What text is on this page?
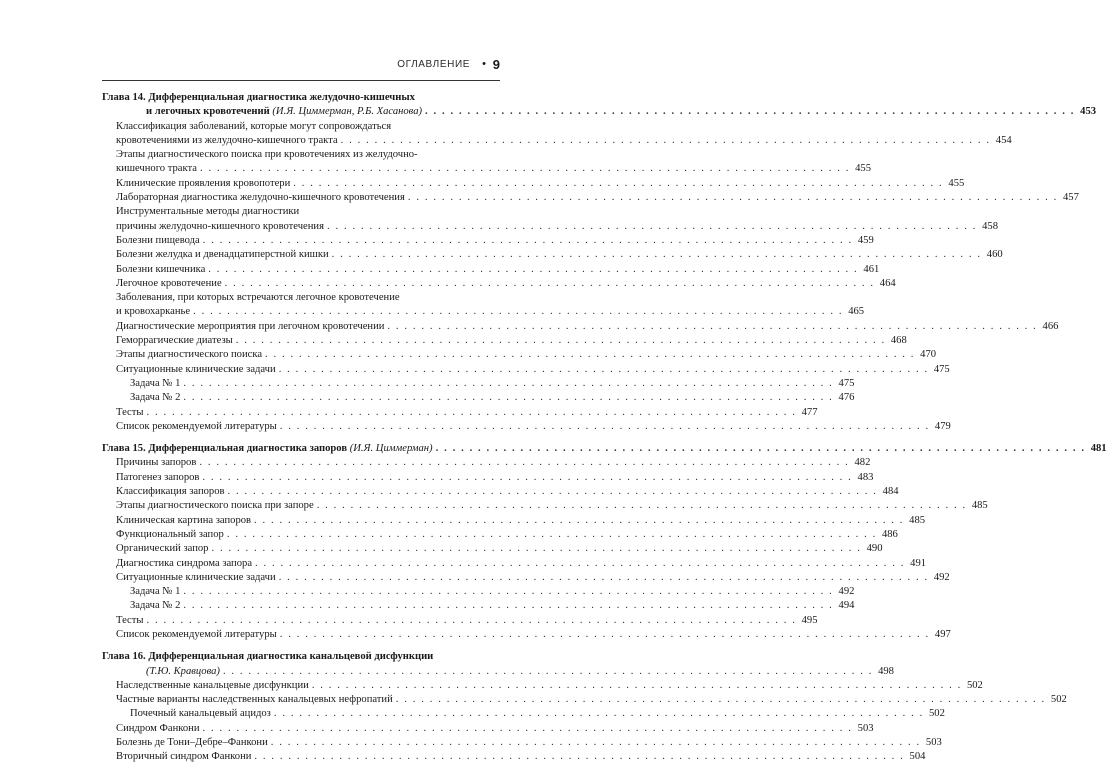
ОГЛАВЛЕНИЕ • 9
Глава 14. Дифференциальная диагностика желудочно-кишечных
и легочных кровотечений (И.Я. Циммерман, Р.Б. Хасанова) . . . . . . . . . . . . . . . . . . . . . . . . . . . . . . . . . . . . . . . . . . . . . . . . . . . . . . . . . . . . . . . . . . . . . . . . . . . . . 453
Классификация заболеваний, которые могут сопровождаться
кровотечениями из желудочно-кишечного тракта . . . . . . . . . . . . . . . . . . . . . . . . . . . . . . . . . . . . . . . . . . . . . . . . . . . . . . . . . . . . . . . . . . . . . . . . . . . . . 454
Этапы диагностического поиска при кровотечениях из желудочно-
кишечного тракта . . . . . . . . . . . . . . . . . . . . . . . . . . . . . . . . . . . . . . . . . . . . . . . . . . . . . . . . . . . . . . . . . . . . . . . . . . . . . 455
Клинические проявления кровопотери . . . . . . . . . . . . . . . . . . . . . . . . . . . . . . . . . . . . . . . . . . . . . . . . . . . . . . . . . . . . . . . . . . . . . . . . . . . . . 455
Лабораторная диагностика желудочно-кишечного кровотечения . . . . . . . . . . . . . . . . . . . . . . . . . . . . . . . . . . . . . . . . . . . . . . . . . . . . . . . . . . . . . . . . . . . . . . . . . . . . . 457
Инструментальные методы диагностики
причины желудочно-кишечного кровотечения . . . . . . . . . . . . . . . . . . . . . . . . . . . . . . . . . . . . . . . . . . . . . . . . . . . . . . . . . . . . . . . . . . . . . . . . . . . . . 458
Болезни пищевода . . . . . . . . . . . . . . . . . . . . . . . . . . . . . . . . . . . . . . . . . . . . . . . . . . . . . . . . . . . . . . . . . . . . . . . . . . . . . 459
Болезни желудка и двенадцатиперстной кишки . . . . . . . . . . . . . . . . . . . . . . . . . . . . . . . . . . . . . . . . . . . . . . . . . . . . . . . . . . . . . . . . . . . . . . . . . . . . . 460
Болезни кишечника . . . . . . . . . . . . . . . . . . . . . . . . . . . . . . . . . . . . . . . . . . . . . . . . . . . . . . . . . . . . . . . . . . . . . . . . . . . . . 461
Легочное кровотечение . . . . . . . . . . . . . . . . . . . . . . . . . . . . . . . . . . . . . . . . . . . . . . . . . . . . . . . . . . . . . . . . . . . . . . . . . . . . . 464
Заболевания, при которых встречаются легочное кровотечение
и кровохарканье . . . . . . . . . . . . . . . . . . . . . . . . . . . . . . . . . . . . . . . . . . . . . . . . . . . . . . . . . . . . . . . . . . . . . . . . . . . . . 465
Диагностические мероприятия при легочном кровотечении . . . . . . . . . . . . . . . . . . . . . . . . . . . . . . . . . . . . . . . . . . . . . . . . . . . . . . . . . . . . . . . . . . . . . . . . . . . . . 466
Геморрагические диатезы . . . . . . . . . . . . . . . . . . . . . . . . . . . . . . . . . . . . . . . . . . . . . . . . . . . . . . . . . . . . . . . . . . . . . . . . . . . . . 468
Этапы диагностического поиска . . . . . . . . . . . . . . . . . . . . . . . . . . . . . . . . . . . . . . . . . . . . . . . . . . . . . . . . . . . . . . . . . . . . . . . . . . . . . 470
Ситуационные клинические задачи . . . . . . . . . . . . . . . . . . . . . . . . . . . . . . . . . . . . . . . . . . . . . . . . . . . . . . . . . . . . . . . . . . . . . . . . . . . . . 475
Задача № 1 . . . . . . . . . . . . . . . . . . . . . . . . . . . . . . . . . . . . . . . . . . . . . . . . . . . . . . . . . . . . . . . . . . . . . . . . . . . . . 475
Задача № 2 . . . . . . . . . . . . . . . . . . . . . . . . . . . . . . . . . . . . . . . . . . . . . . . . . . . . . . . . . . . . . . . . . . . . . . . . . . . . . 476
Тесты . . . . . . . . . . . . . . . . . . . . . . . . . . . . . . . . . . . . . . . . . . . . . . . . . . . . . . . . . . . . . . . . . . . . . . . . . . . . . 477
Список рекомендуемой литературы . . . . . . . . . . . . . . . . . . . . . . . . . . . . . . . . . . . . . . . . . . . . . . . . . . . . . . . . . . . . . . . . . . . . . . . . . . . . . 479
Глава 15. Дифференциальная диагностика запоров (И.Я. Циммерман) . . . . . . . . . . . . . . . . . . . . . . . . . . . . . . . . . . . . . . . . . . . . . . . . . . . . . . . . . . . . . . . . . . . . . . . . . . . . . 481
Причины запоров . . . . . . . . . . . . . . . . . . . . . . . . . . . . . . . . . . . . . . . . . . . . . . . . . . . . . . . . . . . . . . . . . . . . . . . . . . . . . 482
Патогенез запоров . . . . . . . . . . . . . . . . . . . . . . . . . . . . . . . . . . . . . . . . . . . . . . . . . . . . . . . . . . . . . . . . . . . . . . . . . . . . . 483
Классификация запоров . . . . . . . . . . . . . . . . . . . . . . . . . . . . . . . . . . . . . . . . . . . . . . . . . . . . . . . . . . . . . . . . . . . . . . . . . . . . . 484
Этапы диагностического поиска при запоре . . . . . . . . . . . . . . . . . . . . . . . . . . . . . . . . . . . . . . . . . . . . . . . . . . . . . . . . . . . . . . . . . . . . . . . . . . . . . 485
Клиническая картина запоров . . . . . . . . . . . . . . . . . . . . . . . . . . . . . . . . . . . . . . . . . . . . . . . . . . . . . . . . . . . . . . . . . . . . . . . . . . . . . 485
Функциональный запор . . . . . . . . . . . . . . . . . . . . . . . . . . . . . . . . . . . . . . . . . . . . . . . . . . . . . . . . . . . . . . . . . . . . . . . . . . . . . 486
Органический запор . . . . . . . . . . . . . . . . . . . . . . . . . . . . . . . . . . . . . . . . . . . . . . . . . . . . . . . . . . . . . . . . . . . . . . . . . . . . . 490
Диагностика синдрома запора . . . . . . . . . . . . . . . . . . . . . . . . . . . . . . . . . . . . . . . . . . . . . . . . . . . . . . . . . . . . . . . . . . . . . . . . . . . . . 491
Ситуационные клинические задачи . . . . . . . . . . . . . . . . . . . . . . . . . . . . . . . . . . . . . . . . . . . . . . . . . . . . . . . . . . . . . . . . . . . . . . . . . . . . . 492
Задача № 1 . . . . . . . . . . . . . . . . . . . . . . . . . . . . . . . . . . . . . . . . . . . . . . . . . . . . . . . . . . . . . . . . . . . . . . . . . . . . . 492
Задача № 2 . . . . . . . . . . . . . . . . . . . . . . . . . . . . . . . . . . . . . . . . . . . . . . . . . . . . . . . . . . . . . . . . . . . . . . . . . . . . . 494
Тесты . . . . . . . . . . . . . . . . . . . . . . . . . . . . . . . . . . . . . . . . . . . . . . . . . . . . . . . . . . . . . . . . . . . . . . . . . . . . . 495
Список рекомендуемой литературы . . . . . . . . . . . . . . . . . . . . . . . . . . . . . . . . . . . . . . . . . . . . . . . . . . . . . . . . . . . . . . . . . . . . . . . . . . . . . 497
Глава 16. Дифференциальная диагностика канальцевой дисфункции
(Т.Ю. Кравцова) . . . . . . . . . . . . . . . . . . . . . . . . . . . . . . . . . . . . . . . . . . . . . . . . . . . . . . . . . . . . . . . . . . . . . . . . . . . . . 498
Наследственные канальцевые дисфункции . . . . . . . . . . . . . . . . . . . . . . . . . . . . . . . . . . . . . . . . . . . . . . . . . . . . . . . . . . . . . . . . . . . . . . . . . . . . . 502
Частные варианты наследственных канальцевых нефропатий . . . . . . . . . . . . . . . . . . . . . . . . . . . . . . . . . . . . . . . . . . . . . . . . . . . . . . . . . . . . . . . . . . . . . . . . . . . . . 502
Почечный канальцевый ацидоз . . . . . . . . . . . . . . . . . . . . . . . . . . . . . . . . . . . . . . . . . . . . . . . . . . . . . . . . . . . . . . . . . . . . . . . . . . . . . 502
Синдром Фанкони . . . . . . . . . . . . . . . . . . . . . . . . . . . . . . . . . . . . . . . . . . . . . . . . . . . . . . . . . . . . . . . . . . . . . . . . . . . . . 503
Болезнь де Тони–Дебре–Фанкони . . . . . . . . . . . . . . . . . . . . . . . . . . . . . . . . . . . . . . . . . . . . . . . . . . . . . . . . . . . . . . . . . . . . . . . . . . . . . 503
Вторичный синдром Фанкони . . . . . . . . . . . . . . . . . . . . . . . . . . . . . . . . . . . . . . . . . . . . . . . . . . . . . . . . . . . . . . . . . . . . . . . . . . . . . 504
